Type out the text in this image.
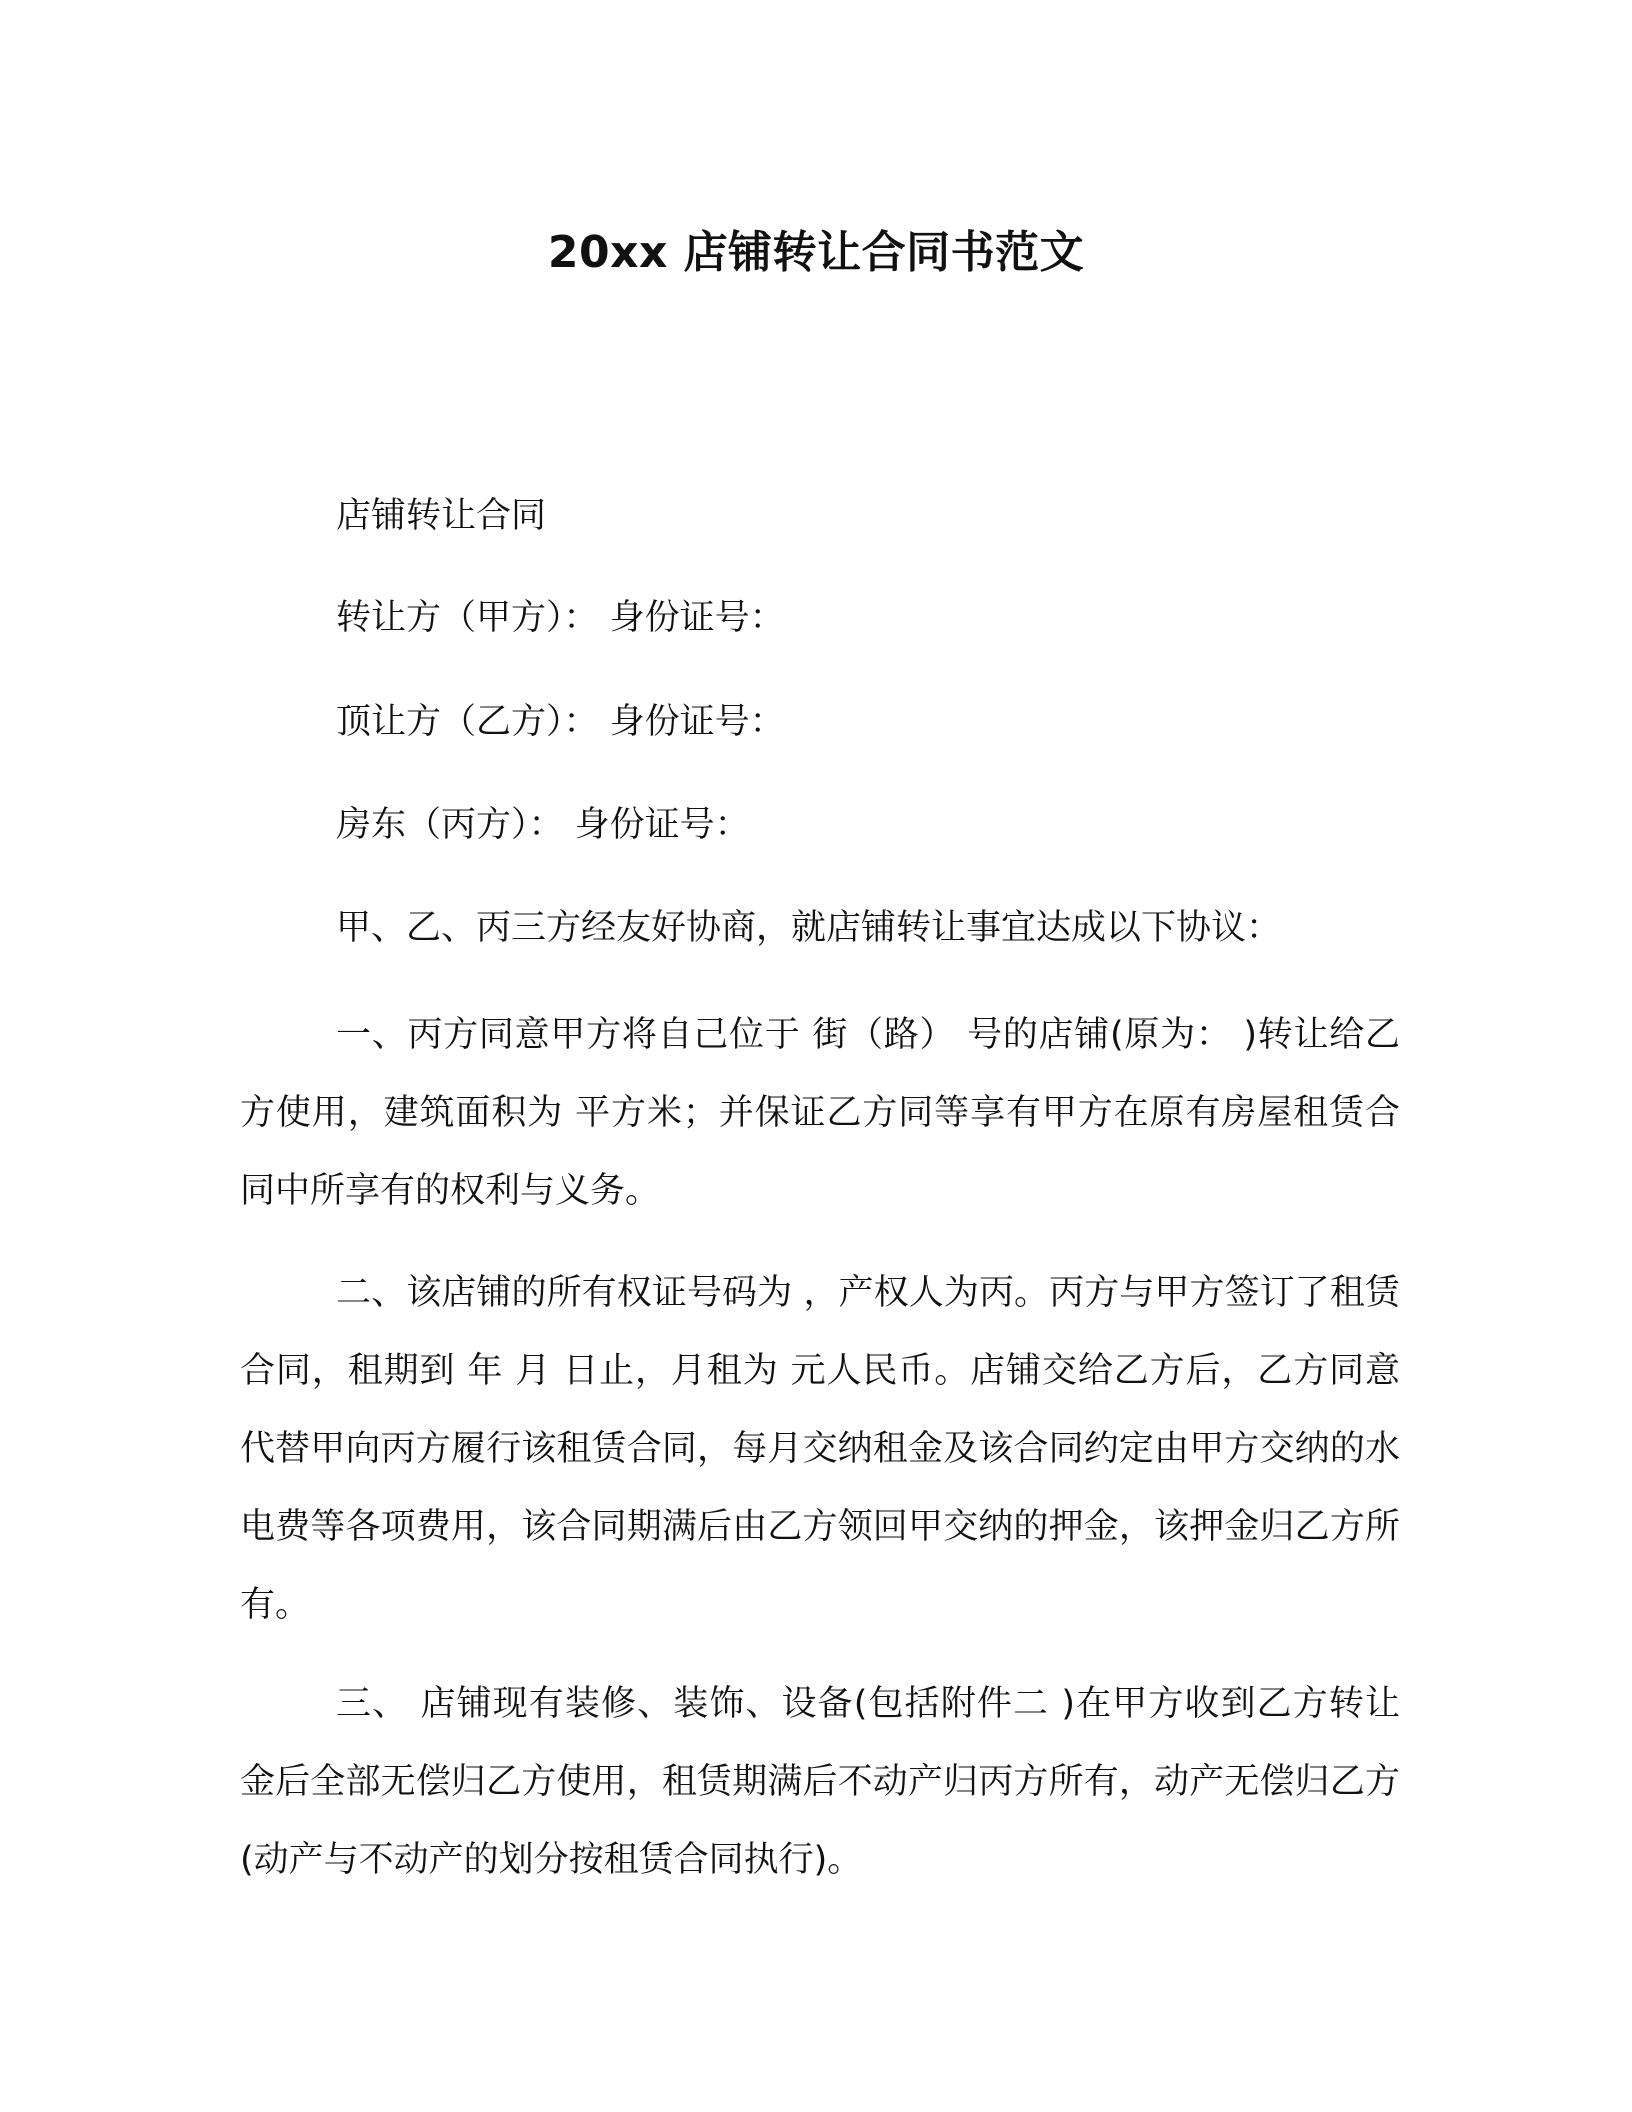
20xx 店铺转让合同书范文
店铺转让合同
转让方（甲方）： 身份证号：
顶让方（乙方）： 身份证号：
房东（丙方）： 身份证号：
甲、乙、丙三方经友好协商，就店铺转让事宜达成以下协议：
一、丙方同意甲方将自己位于 街（路） 号的店铺(原为： )转让给乙方使用，建筑面积为 平方米；并保证乙方同等享有甲方在原有房屋租赁合同中所享有的权利与义务。
二、该店铺的所有权证号码为 ，产权人为丙。丙方与甲方签订了租赁合同，租期到 年 月 日止，月租为 元人民币。店铺交给乙方后，乙方同意代替甲向丙方履行该租赁合同，每月交纳租金及该合同约定由甲方交纳的水电费等各项费用，该合同期满后由乙方领回甲交纳的押金，该押金归乙方所有。
三、 店铺现有装修、装饰、设备(包括附件二 )在甲方收到乙方转让金后全部无偿归乙方使用，租赁期满后不动产归丙方所有，动产无偿归乙方(动产与不动产的划分按租赁合同执行)。
